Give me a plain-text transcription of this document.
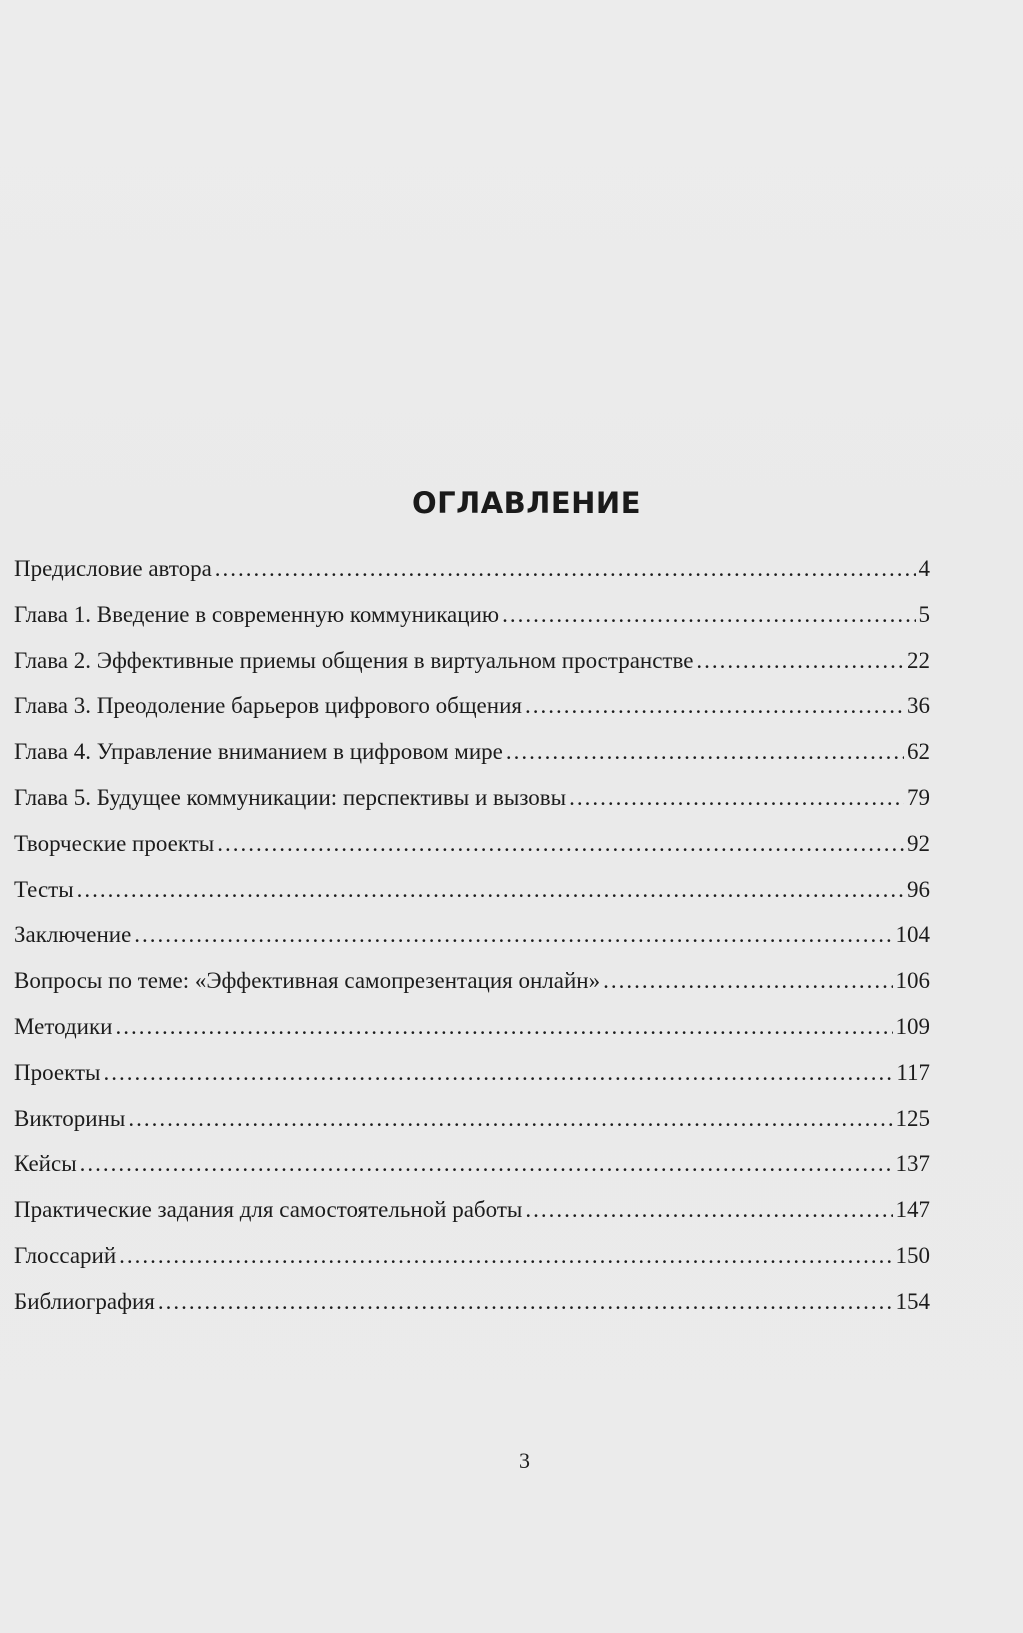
ОГЛАВЛЕНИЕ
Предисловие автора .....	4
Глава 1. Введение в современную коммуникацию .....	5
Глава 2. Эффективные приемы общения в виртуальном пространстве .....	22
Глава 3. Преодоление барьеров цифрового общения .....	36
Глава 4. Управление вниманием в цифровом мире .....	62
Глава 5. Будущее коммуникации: перспективы и вызовы .....	79
Творческие проекты .....	92
Тесты .....	96
Заключение .....	104
Вопросы по теме: «Эффективная самопрезентация онлайн» .....	106
Методики .....	109
Проекты .....	117
Викторины .....	125
Кейсы .....	137
Практические задания для самостоятельной работы .....	147
Глоссарий .....	150
Библиография .....	154
3
